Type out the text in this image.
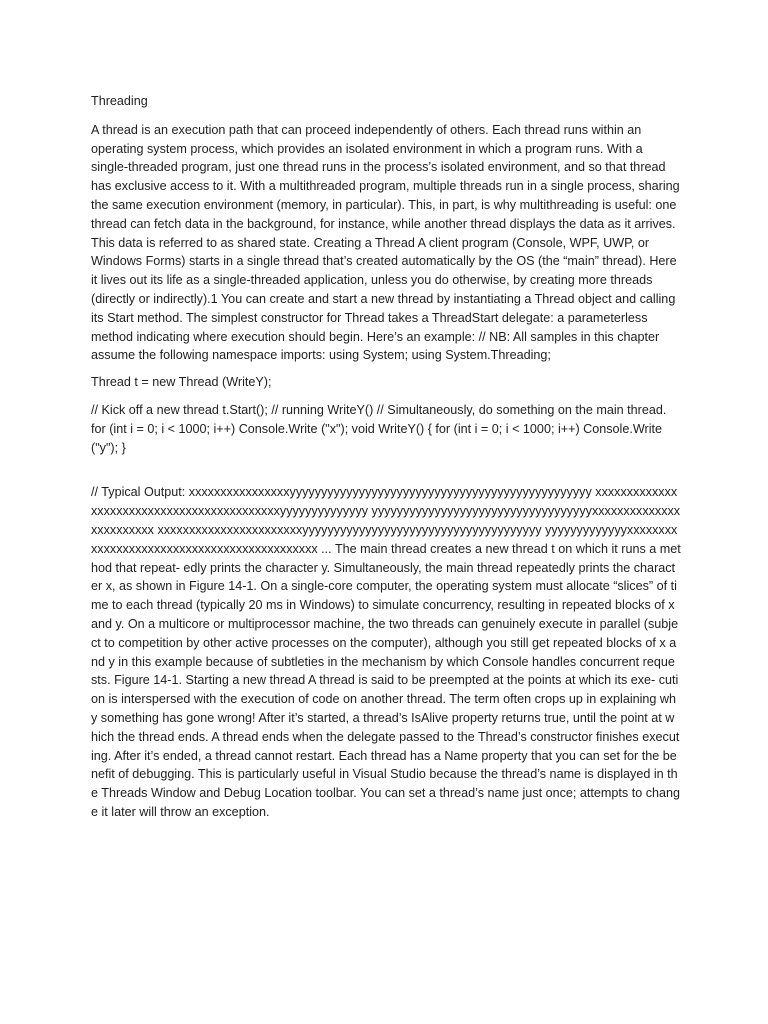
Threading

A thread is an execution path that can proceed independently of others. Each thread runs within an operating system process, which provides an isolated environment in which a program runs. With a single-threaded program, just one thread runs in the process’s isolated environment, and so that thread has exclusive access to it. With a multithreaded program, multiple threads run in a single process, sharing the same execution environment (memory, in particular). This, in part, is why multithreading is useful: one thread can fetch data in the background, for instance, while another thread displays the data as it arrives. This data is referred to as shared state. Creating a Thread A client program (Console, WPF, UWP, or Windows Forms) starts in a single thread that’s created automatically by the OS (the “main” thread). Here it lives out its life as a single-threaded application, unless you do otherwise, by creating more threads (directly or indirectly).1 You can create and start a new thread by instantiating a Thread object and calling its Start method. The simplest constructor for Thread takes a ThreadStart delegate: a parameterless method indicating where execution should begin. Here’s an example: // NB: All samples in this chapter assume the following namespace imports: using System; using System.Threading;

Thread t = new Thread (WriteY);

// Kick off a new thread t.Start(); // running WriteY() // Simultaneously, do something on the main thread. for (int i = 0; i < 1000; i++) Console.Write ("x"); void WriteY() { for (int i = 0; i < 1000; i++) Console.Write ("y"); }

// Typical Output: xxxxxxxxxxxxxxxxyyyyyyyyyyyyyyyyyyyyyyyyyyyyyyyyyyyyyyyyyyyyyyyy xxxxxxxxxxxxxxxxxxxxxxxxxxxxxxxxxxxxxxxxxxxyyyyyyyyyyyyyy yyyyyyyyyyyyyyyyyyyyyyyyyyyyyyyyyyyxxxxxxxxxxxxxxxxxxxxxxxx xxxxxxxxxxxxxxxxxxxxxxxyyyyyyyyyyyyyyyyyyyyyyyyyyyyyyyyyyyyyy yyyyyyyyyyyyyxxxxxxxxxxxxxxxxxxxxxxxxxxxxxxxxxxxxxxxxxxxx ... The main thread creates a new thread t on which it runs a method that repeat- edly prints the character y. Simultaneously, the main thread repeatedly prints the character x, as shown in Figure 14-1. On a single-core computer, the operating system must allocate “slices” of time to each thread (typically 20 ms in Windows) to simulate concurrency, resulting in repeated blocks of x and y. On a multicore or multiprocessor machine, the two threads can genuinely execute in parallel (subject to competition by other active processes on the computer), although you still get repeated blocks of x and y in this example because of subtleties in the mechanism by which Console handles concurrent requests. Figure 14-1. Starting a new thread A thread is said to be preempted at the points at which its exe- cution is interspersed with the execution of code on another thread. The term often crops up in explaining why something has gone wrong! After it’s started, a thread’s IsAlive property returns true, until the point at which the thread ends. A thread ends when the delegate passed to the Thread’s constructor finishes executing. After it’s ended, a thread cannot restart. Each thread has a Name property that you can set for the benefit of debugging. This is particularly useful in Visual Studio because the thread’s name is displayed in the Threads Window and Debug Location toolbar. You can set a thread’s name just once; attempts to change it later will throw an exception.
